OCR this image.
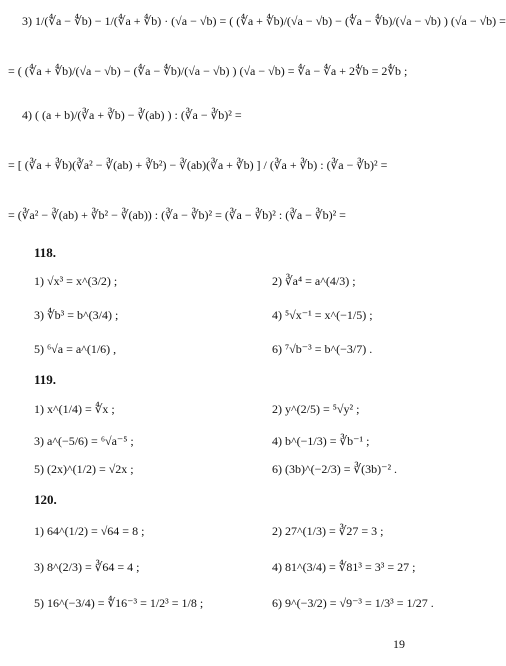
3) 1/(∜a − ∜b) − 1/(∜a + ∜b) · (√a − √b) = ( (∜a + ∜b)/(√a − √b) − (∜a − ∜b)/(√a − √b) ) (√a − √b) =
= ( (∜a + ∜b)/(√a − √b) − (∜a − ∜b)/(√a − √b) ) (√a − √b) = ∜a − ∜a + 2∜b = 2∜b ;
4) ( (a + b)/(∛a + ∛b) − ∛(ab) ) : (∛a − ∛b)² =
= [ (∛a + ∛b)(∛a² − ∛(ab) + ∛b²) − ∛(ab)(∛a + ∛b) ] / (∛a + ∛b) : (∛a − ∛b)² =
= (∛a² − ∛(ab) + ∛b² − ∛(ab)) : (∛a − ∛b)² = (∛a − ∛b)² : (∛a − ∛b)² =
118.
1) √x³ = x^(3/2) ;	2) ∛a⁴ = a^(4/3) ;
3) ∜b³ = b^(3/4) ;	4) ⁵√x⁻¹ = x^(−1/5) ;
5) ⁶√a = a^(1/6) ,	6) ⁷√b⁻³ = b^(−3/7) .
119.
1) x^(1/4) = ∜x ;	2) y^(2/5) = ⁵√y² ;
3) a^(−5/6) = ⁶√a⁻⁵ ;	4) b^(−1/3) = ∛b⁻¹ ;
5) (2x)^(1/2) = √2x ;	6) (3b)^(−2/3) = ∛(3b)⁻² .
120.
1) 64^(1/2) = √64 = 8 ;	2) 27^(1/3) = ∛27 = 3 ;
3) 8^(2/3) = ∛64 = 4 ;	4) 81^(3/4) = ∜81³ = 3³ = 27 ;
5) 16^(−3/4) = ∜16⁻³ = 1/2³ = 1/8 ;	6) 9^(−3/2) = √9⁻³ = 1/3³ = 1/27 .
19
